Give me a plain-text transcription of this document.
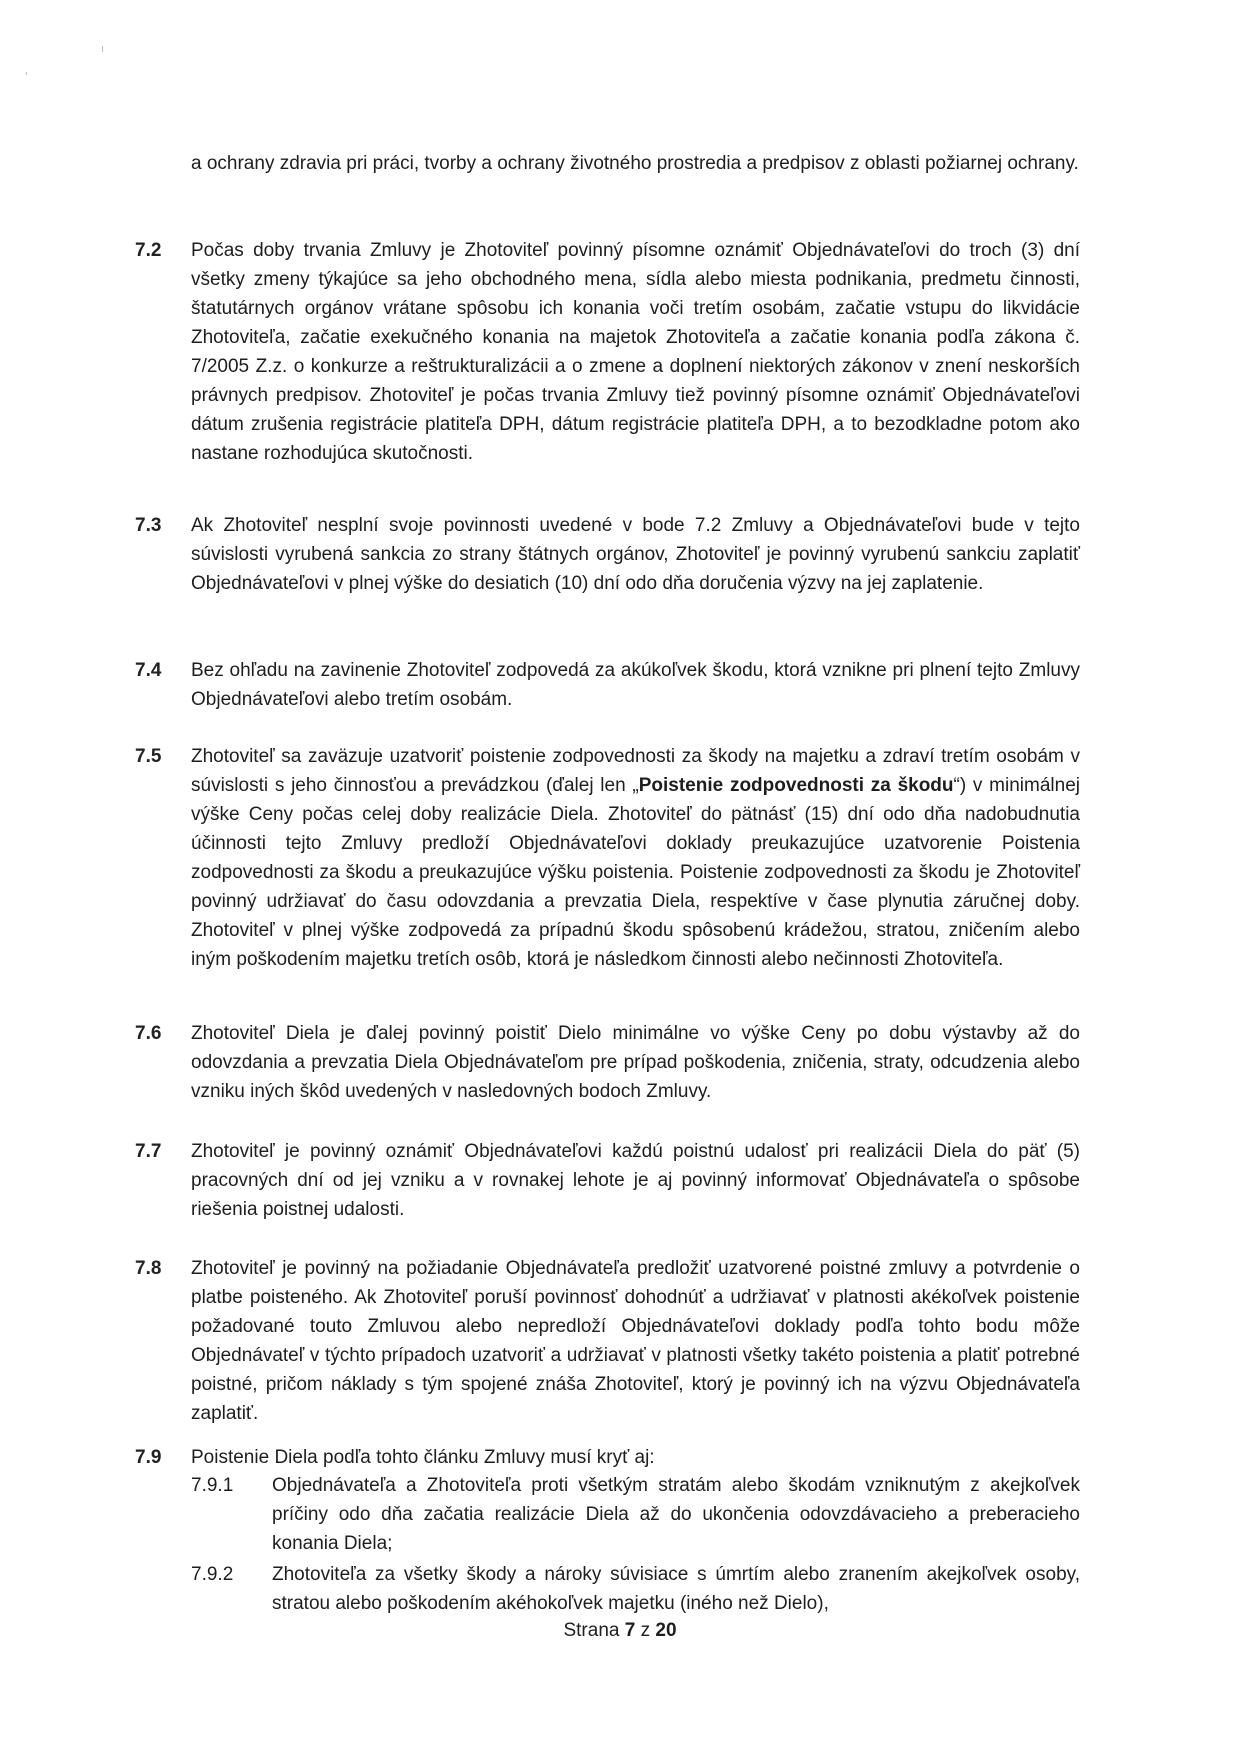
a ochrany zdravia pri práci, tvorby a ochrany životného prostredia a predpisov z oblasti požiarnej ochrany.
7.2 Počas doby trvania Zmluvy je Zhotoviteľ povinný písomne oznámiť Objednávateľovi do troch (3) dní všetky zmeny týkajúce sa jeho obchodného mena, sídla alebo miesta podnikania, predmetu činnosti, štatutárnych orgánov vrátane spôsobu ich konania voči tretím osobám, začatie vstupu do likvidácie Zhotoviteľa, začatie exekučného konania na majetok Zhotoviteľa a začatie konania podľa zákona č. 7/2005 Z.z. o konkurze a reštrukturalizácii a o zmene a doplnení niektorých zákonov v znení neskorších právnych predpisov. Zhotoviteľ je počas trvania Zmluvy tiež povinný písomne oznámiť Objednávateľovi dátum zrušenia registrácie platiteľa DPH, dátum registrácie platiteľa DPH, a to bezodkladne potom ako nastane rozhodujúca skutočnosti.
7.3 Ak Zhotoviteľ nesplní svoje povinnosti uvedené v bode 7.2 Zmluvy a Objednávateľovi bude v tejto súvislosti vyrubená sankcia zo strany štátnych orgánov, Zhotoviteľ je povinný vyrubenú sankciu zaplatiť Objednávateľovi v plnej výške do desiatich (10) dní odo dňa doručenia výzvy na jej zaplatenie.
7.4 Bez ohľadu na zavinenie Zhotoviteľ zodpovedá za akúkoľvek škodu, ktorá vznikne pri plnení tejto Zmluvy Objednávateľovi alebo tretím osobám.
7.5 Zhotoviteľ sa zaväzuje uzatvoriť poistenie zodpovednosti za škody na majetku a zdraví tretím osobám v súvislosti s jeho činnosťou a prevádzkou (ďalej len „Poistenie zodpovednosti za škodu“) v minimálnej výške Ceny počas celej doby realizácie Diela. Zhotoviteľ do pätnásť (15) dní odo dňa nadobudnutia účinnosti tejto Zmluvy predloží Objednávateľovi doklady preukazujúce uzatvorenie Poistenia zodpovednosti za škodu a preukazujúce výšku poistenia. Poistenie zodpovednosti za škodu je Zhotoviteľ povinný udržiavať do času odovzdania a prevzatia Diela, respektíve v čase plynutia záručnej doby. Zhotoviteľ v plnej výške zodpovedá za prípadnú škodu spôsobenú krádežou, stratou, zničením alebo iným poškodením majetku tretích osôb, ktorá je následkom činnosti alebo nečinnosti Zhotoviteľa.
7.6 Zhotoviteľ Diela je ďalej povinný poistiť Dielo minimálne vo výške Ceny po dobu výstavby až do odovzdania a prevzatia Diela Objednávateľom pre prípad poškodenia, zničenia, straty, odcudzenia alebo vzniku iných škôd uvedených v nasledovných bodoch Zmluvy.
7.7 Zhotoviteľ je povinný oznámiť Objednávateľovi každú poistnú udalosť pri realizácii Diela do päť (5) pracovných dní od jej vzniku a v rovnakej lehote je aj povinný informovať Objednávateľa o spôsobe riešenia poistnej udalosti.
7.8 Zhotoviteľ je povinný na požiadanie Objednávateľa predložiť uzatvorené poistné zmluvy a potvrdenie o platbe poisteného. Ak Zhotoviteľ poruší povinnosť dohodnúť a udržiavať v platnosti akékoľvek poistenie požadované touto Zmluvou alebo nepredloží Objednávateľovi doklady podľa tohto bodu môže Objednávateľ v týchto prípadoch uzatvoriť a udržiavať v platnosti všetky takéto poistenia a platiť potrebné poistné, pričom náklady s tým spojené znáša Zhotoviteľ, ktorý je povinný ich na výzvu Objednávateľa zaplatiť.
7.9 Poistenie Diela podľa tohto článku Zmluvy musí kryť aj:
7.9.1 Objednávateľa a Zhotoviteľa proti všetkým stratám alebo škodám vzniknutým z akejkoľvek príčiny odo dňa začatia realizácie Diela až do ukončenia odovzdávacieho a preberacieho konania Diela;
7.9.2 Zhotoviteľa za všetky škody a nároky súvisiace s úmrtím alebo zranením akejkoľvek osoby, stratou alebo poškodením akéhokoľvek majetku (iného než Dielo),
Strana 7 z 20
